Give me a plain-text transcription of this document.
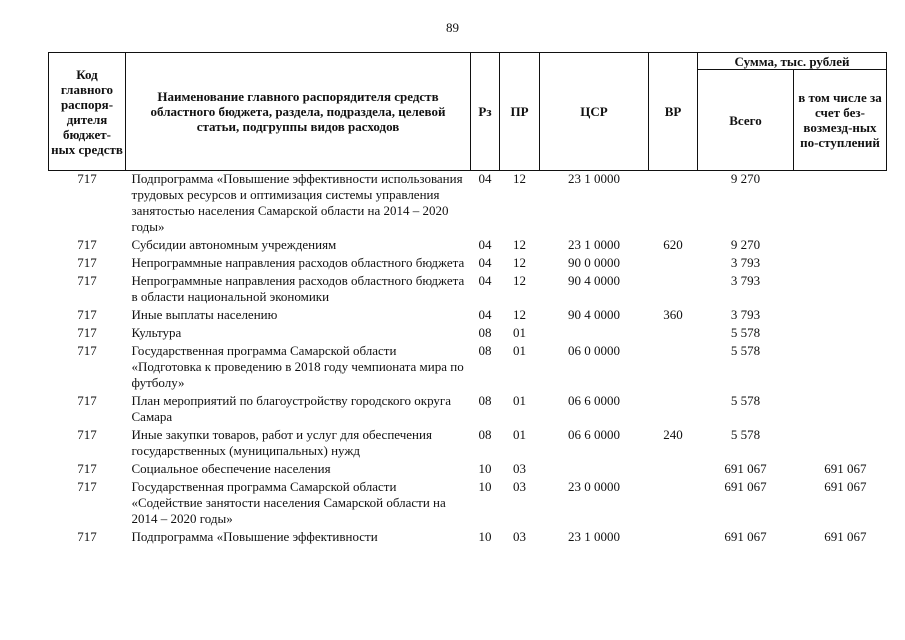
89
Код главного распоря-дителя бюджет-ных средств	Наименование главного распорядителя средств областного бюджета, раздела, подраздела, целевой статьи, подгруппы видов расходов	Рз	ПР	ЦСР	ВР	Сумма, тыс. рублей	
						Всего	в том числе за счет без-возмезд-ных по-ступлений
717	Подпрограмма «Повышение эффективности использования трудовых ресурсов и оптимизация системы управления занятостью населения Самарской области на 2014 – 2020 годы»	04	12	23 1 0000		9 270	
717	Субсидии автономным учреждениям	04	12	23 1 0000	620	9 270	
717	Непрограммные направления расходов областного бюджета	04	12	90 0 0000		3 793	
717	Непрограммные направления расходов областного бюджета в области национальной экономики	04	12	90 4 0000		3 793	
717	Иные выплаты населению	04	12	90 4 0000	360	3 793	
717	Культура	08	01			5 578	
717	Государственная программа Самарской области «Подготовка к проведению в 2018 году чемпионата мира по футболу»	08	01	06 0 0000		5 578	
717	План мероприятий по благоустройству городского округа Самара	08	01	06 6 0000		5 578	
717	Иные закупки товаров, работ и услуг для обеспечения государственных (муниципальных) нужд	08	01	06 6 0000	240	5 578	
717	Социальное обеспечение населения	10	03			691 067	691 067
717	Государственная программа Самарской области «Содействие занятости населения Самарской области на 2014 – 2020 годы»	10	03	23 0 0000		691 067	691 067
717	Подпрограмма «Повышение эффективности	10	03	23 1 0000		691 067	691 067
